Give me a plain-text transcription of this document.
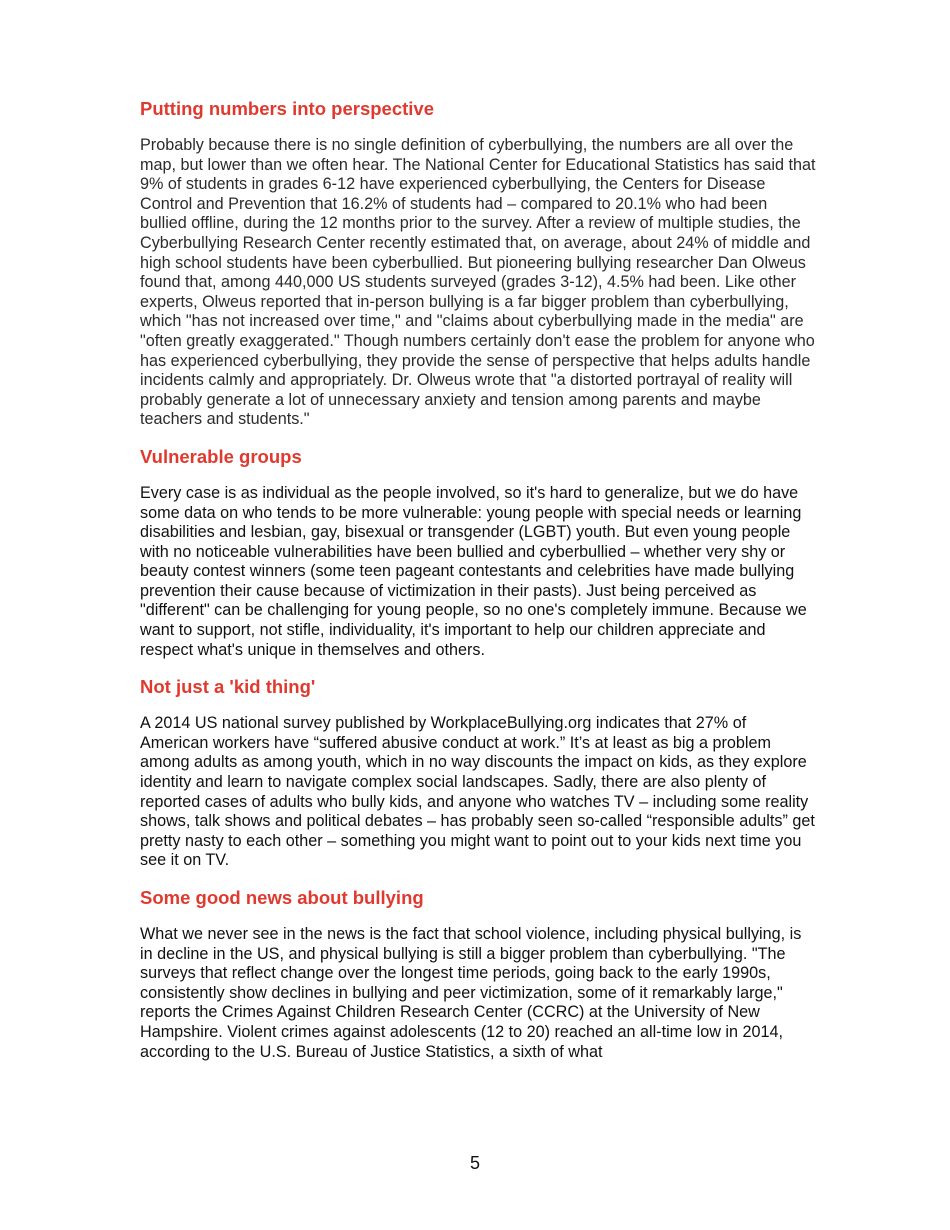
Putting numbers into perspective

Probably because there is no single definition of cyberbullying, the numbers are all over the map, but lower than we often hear. The National Center for Educational Statistics has said that 9% of students in grades 6-12 have experienced cyberbullying, the Centers for Disease Control and Prevention that 16.2% of students had – compared to 20.1% who had been bullied offline, during the 12 months prior to the survey. After a review of multiple studies, the Cyberbullying Research Center recently estimated that, on average, about 24% of middle and high school students have been cyberbullied. But pioneering bullying researcher Dan Olweus found that, among 440,000 US students surveyed (grades 3-12), 4.5% had been. Like other experts, Olweus reported that in-person bullying is a far bigger problem than cyberbullying, which "has not increased over time," and "claims about cyberbullying made in the media" are "often greatly exaggerated." Though numbers certainly don't ease the problem for anyone who has experienced cyberbullying, they provide the sense of perspective that helps adults handle incidents calmly and appropriately. Dr. Olweus wrote that "a distorted portrayal of reality will probably generate a lot of unnecessary anxiety and tension among parents and maybe teachers and students."

Vulnerable groups

Every case is as individual as the people involved, so it's hard to generalize, but we do have some data on who tends to be more vulnerable: young people with special needs or learning disabilities and lesbian, gay, bisexual or transgender (LGBT) youth. But even young people with no noticeable vulnerabilities have been bullied and cyberbullied – whether very shy or beauty contest winners (some teen pageant contestants and celebrities have made bullying prevention their cause because of victimization in their pasts). Just being perceived as "different" can be challenging for young people, so no one's completely immune. Because we want to support, not stifle, individuality, it's important to help our children appreciate and respect what's unique in themselves and others.

Not just a 'kid thing'

A 2014 US national survey published by WorkplaceBullying.org indicates that 27% of American workers have “suffered abusive conduct at work.” It’s at least as big a problem among adults as among youth, which in no way discounts the impact on kids, as they explore identity and learn to navigate complex social landscapes. Sadly, there are also plenty of reported cases of adults who bully kids, and anyone who watches TV – including some reality shows, talk shows and political debates – has probably seen so-called “responsible adults” get pretty nasty to each other – something you might want to point out to your kids next time you see it on TV.

Some good news about bullying

What we never see in the news is the fact that school violence, including physical bullying, is in decline in the US, and physical bullying is still a bigger problem than cyberbullying. "The surveys that reflect change over the longest time periods, going back to the early 1990s, consistently show declines in bullying and peer victimization, some of it remarkably large," reports the Crimes Against Children Research Center (CCRC) at the University of New Hampshire. Violent crimes against adolescents (12 to 20) reached an all-time low in 2014, according to the U.S. Bureau of Justice Statistics, a sixth of what

5
